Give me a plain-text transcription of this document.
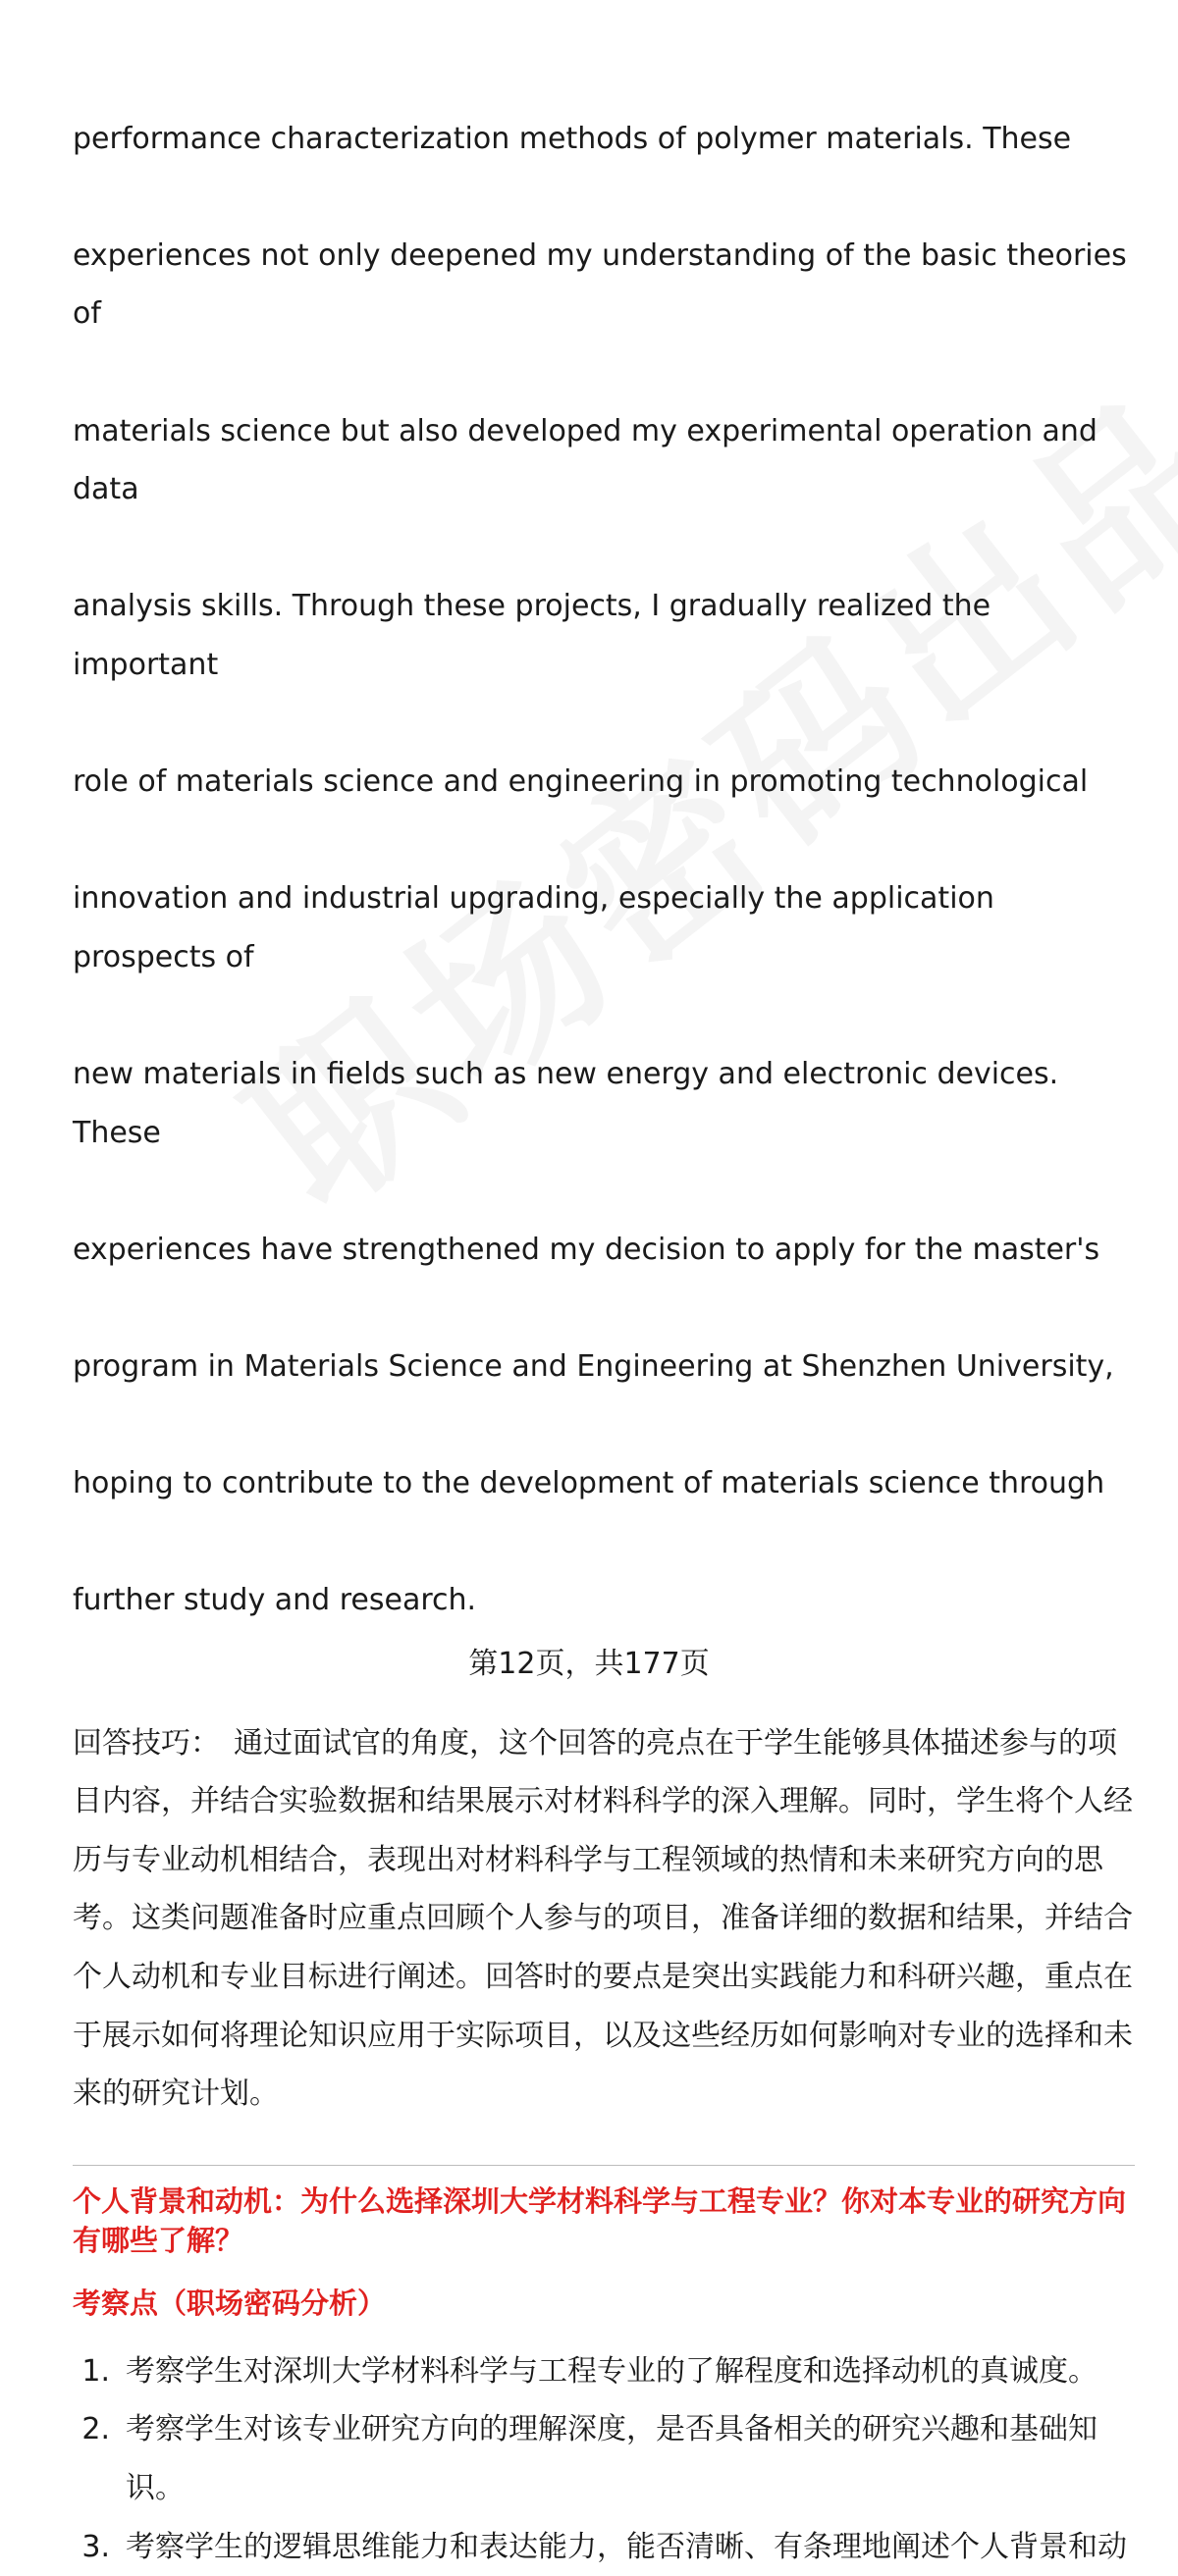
performance characterization methods of polymer materials. These

experiences not only deepened my understanding of the basic theories of

materials science but also developed my experimental operation and data

analysis skills. Through these projects, I gradually realized the important

role of materials science and engineering in promoting technological

innovation and industrial upgrading, especially the application prospects of

new materials in fields such as new energy and electronic devices. These

experiences have strengthened my decision to apply for the master's

program in Materials Science and Engineering at Shenzhen University,

hoping to contribute to the development of materials science through

further study and research.

回答技巧： 通过面试官的角度，这个回答的亮点在于学生能够具体描述参与的项目内容，并结合实验数据和结果展示对材料科学的深入理解。同时，学生将个人经历与专业动机相结合，表现出对材料科学与工程领域的热情和未来研究方向的思考。这类问题准备时应重点回顾个人参与的项目，准备详细的数据和结果，并结合个人动机和专业目标进行阐述。回答时的要点是突出实践能力和科研兴趣，重点在于展示如何将理论知识应用于实际项目，以及这些经历如何影响对专业的选择和未来的研究计划。

个人背景和动机：为什么选择深圳大学材料科学与工程专业？你对本专业的研究方向有哪些了解？

考察点（职场密码分析）

1. 考察学生对深圳大学材料科学与工程专业的了解程度和选择动机的真诚度。
2. 考察学生对该专业研究方向的理解深度，是否具备相关的研究兴趣和基础知识。
3. 考察学生的逻辑思维能力和表达能力，能否清晰、有条理地阐述个人背景和动
第12页，共177页
